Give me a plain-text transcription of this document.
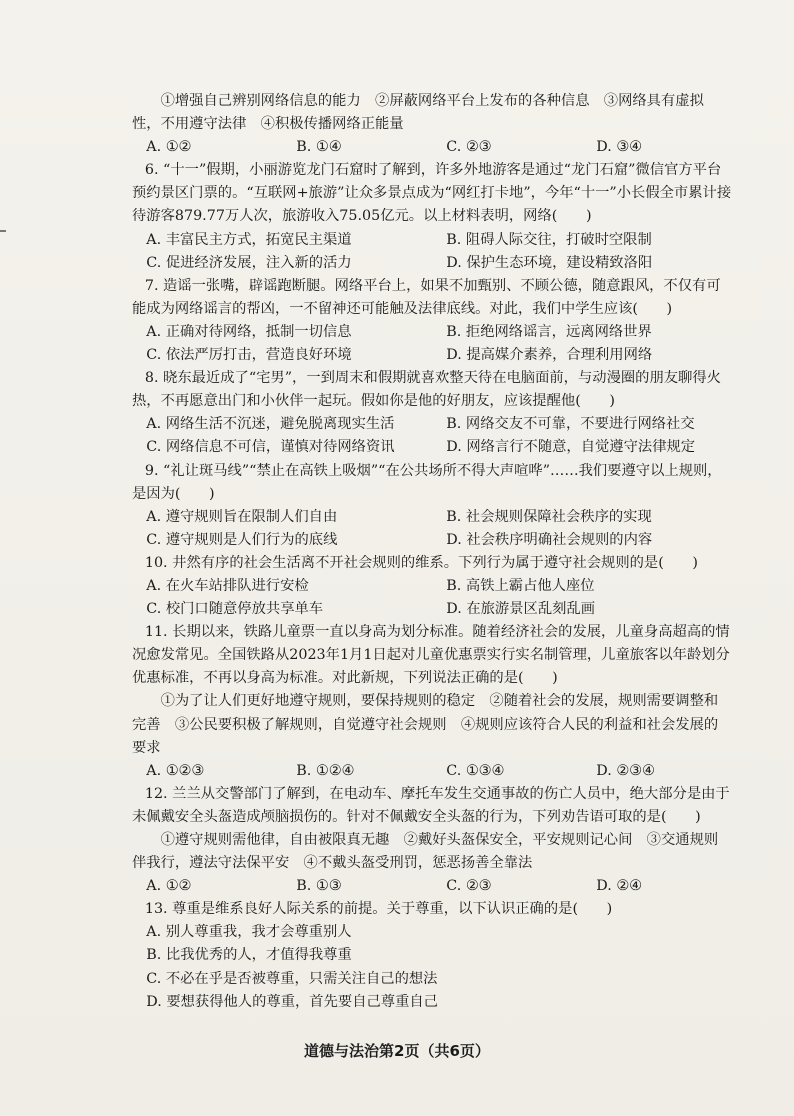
①增强自己辨别网络信息的能力　②屏蔽网络平台上发布的各种信息　③网络具有虚拟性，不用遵守法律　④积极传播网络正能量

A. ①②	B. ①④	C. ②③	D. ③④

6. “十一”假期，小丽游览龙门石窟时了解到，许多外地游客是通过“龙门石窟”微信官方平台预约景区门票的。“互联网+旅游”让众多景点成为“网红打卡地”，今年“十一”小长假全市累计接待游客879.77万人次，旅游收入75.05亿元。以上材料表明，网络(　　)

A. 丰富民主方式，拓宽民主渠道	B. 阻碍人际交往，打破时空限制
C. 促进经济发展，注入新的活力	D. 保护生态环境，建设精致洛阳

7. 造谣一张嘴，辟谣跑断腿。网络平台上，如果不加甄别、不顾公德，随意跟风，不仅有可能成为网络谣言的帮凶，一不留神还可能触及法律底线。对此，我们中学生应该(　　)

A. 正确对待网络，抵制一切信息	B. 拒绝网络谣言，远离网络世界
C. 依法严厉打击，营造良好环境	D. 提高媒介素养，合理利用网络

8. 晓东最近成了“宅男”，一到周末和假期就喜欢整天待在电脑面前，与动漫圈的朋友聊得火热，不再愿意出门和小伙伴一起玩。假如你是他的好朋友，应该提醒他(　　)

A. 网络生活不沉迷，避免脱离现实生活	B. 网络交友不可靠，不要进行网络社交
C. 网络信息不可信，谨慎对待网络资讯	D. 网络言行不随意，自觉遵守法律规定

9. “礼让斑马线”“禁止在高铁上吸烟”“在公共场所不得大声喧哗”……我们要遵守以上规则，是因为(　　)

A. 遵守规则旨在限制人们自由	B. 社会规则保障社会秩序的实现
C. 遵守规则是人们行为的底线	D. 社会秩序明确社会规则的内容

10. 井然有序的社会生活离不开社会规则的维系。下列行为属于遵守社会规则的是(　　)

A. 在火车站排队进行安检	B. 高铁上霸占他人座位
C. 校门口随意停放共享单车	D. 在旅游景区乱刻乱画

11. 长期以来，铁路儿童票一直以身高为划分标准。随着经济社会的发展，儿童身高超高的情况愈发常见。全国铁路从2023年1月1日起对儿童优惠票实行实名制管理，儿童旅客以年龄划分优惠标准，不再以身高为标准。对此新规，下列说法正确的是(　　)

①为了让人们更好地遵守规则，要保持规则的稳定　②随着社会的发展，规则需要调整和完善　③公民要积极了解规则，自觉遵守社会规则　④规则应该符合人民的利益和社会发展的要求

A. ①②③	B. ①②④	C. ①③④	D. ②③④

12. 兰兰从交警部门了解到，在电动车、摩托车发生交通事故的伤亡人员中，绝大部分是由于未佩戴安全头盔造成颅脑损伤的。针对不佩戴安全头盔的行为，下列劝告语可取的是(　　)

①遵守规则需他律，自由被限真无趣　②戴好头盔保安全，平安规则记心间　③交通规则伴我行，遵法守法保平安　④不戴头盔受刑罚，惩恶扬善全靠法

A. ①②	B. ①③	C. ②③	D. ②④

13. 尊重是维系良好人际关系的前提。关于尊重，以下认识正确的是(　　)

A. 别人尊重我，我才会尊重别人
B. 比我优秀的人，才值得我尊重
C. 不必在乎是否被尊重，只需关注自己的想法
D. 要想获得他人的尊重，首先要自己尊重自己
道德与法治第2页（共6页）
